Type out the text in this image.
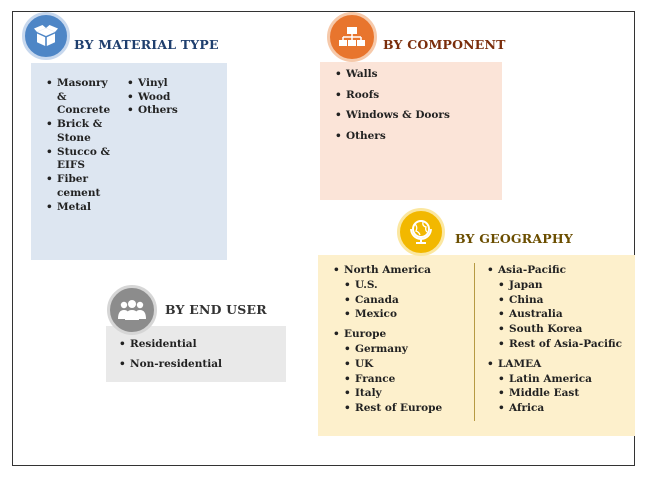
• Masonry & Concrete
• Brick & Stone
• Stucco & EIFS
• Fiber cement
• Metal
• Vinyl
• Wood
• Others
BY MATERIAL TYPE
• Walls
• Roofs
• Windows & Doors
• Others
BY COMPONENT
• North America
• U.S.
• Canada
• Mexico
• Europe
• Germany
• UK
• France
• Italy
• Rest of Europe
• Asia-Pacific
• Japan
• China
• Australia
• South Korea
• Rest of Asia-Pacific
• LAMEA
• Latin America
• Middle East
• Africa
BY GEOGRAPHY
• Residential
• Non-residential
BY END USER
